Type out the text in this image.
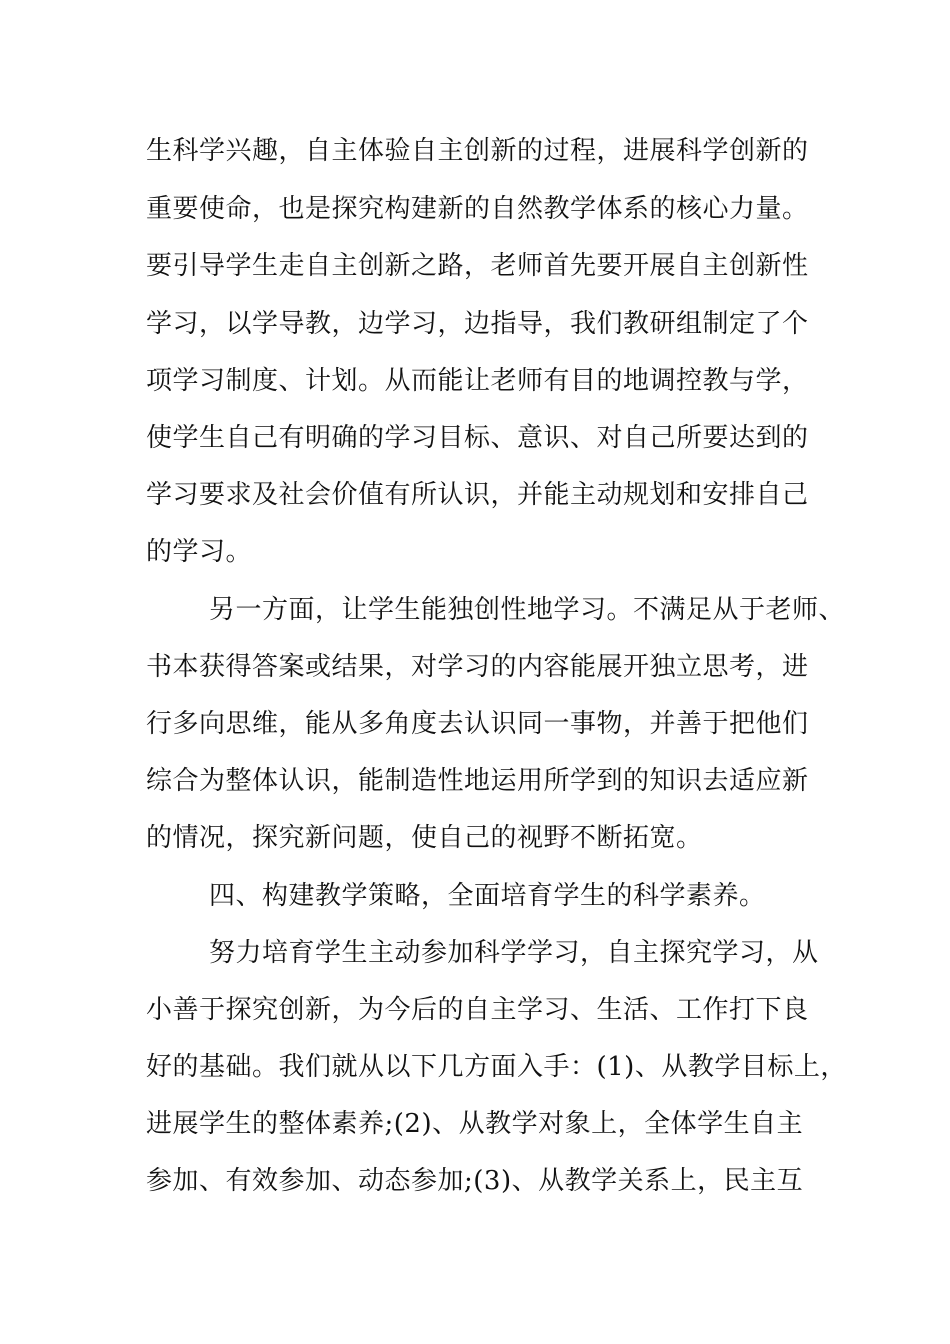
生科学兴趣，自主体验自主创新的过程，进展科学创新的
重要使命，也是探究构建新的自然教学体系的核心力量。
要引导学生走自主创新之路，老师首先要开展自主创新性
学习，以学导教，边学习，边指导，我们教研组制定了个
项学习制度、计划。从而能让老师有目的地调控教与学，
使学生自己有明确的学习目标、意识、对自己所要达到的
学习要求及社会价值有所认识，并能主动规划和安排自己
的学习。
另一方面，让学生能独创性地学习。不满足从于老师、
书本获得答案或结果，对学习的内容能展开独立思考，进
行多向思维，能从多角度去认识同一事物，并善于把他们
综合为整体认识，能制造性地运用所学到的知识去适应新
的情况，探究新问题，使自己的视野不断拓宽。
四、构建教学策略，全面培育学生的科学素养。
努力培育学生主动参加科学学习，自主探究学习，从
小善于探究创新，为今后的自主学习、生活、工作打下良
好的基础。我们就从以下几方面入手：(1)、从教学目标上，
进展学生的整体素养;(2)、从教学对象上，全体学生自主
参加、有效参加、动态参加;(3)、从教学关系上，民主互
